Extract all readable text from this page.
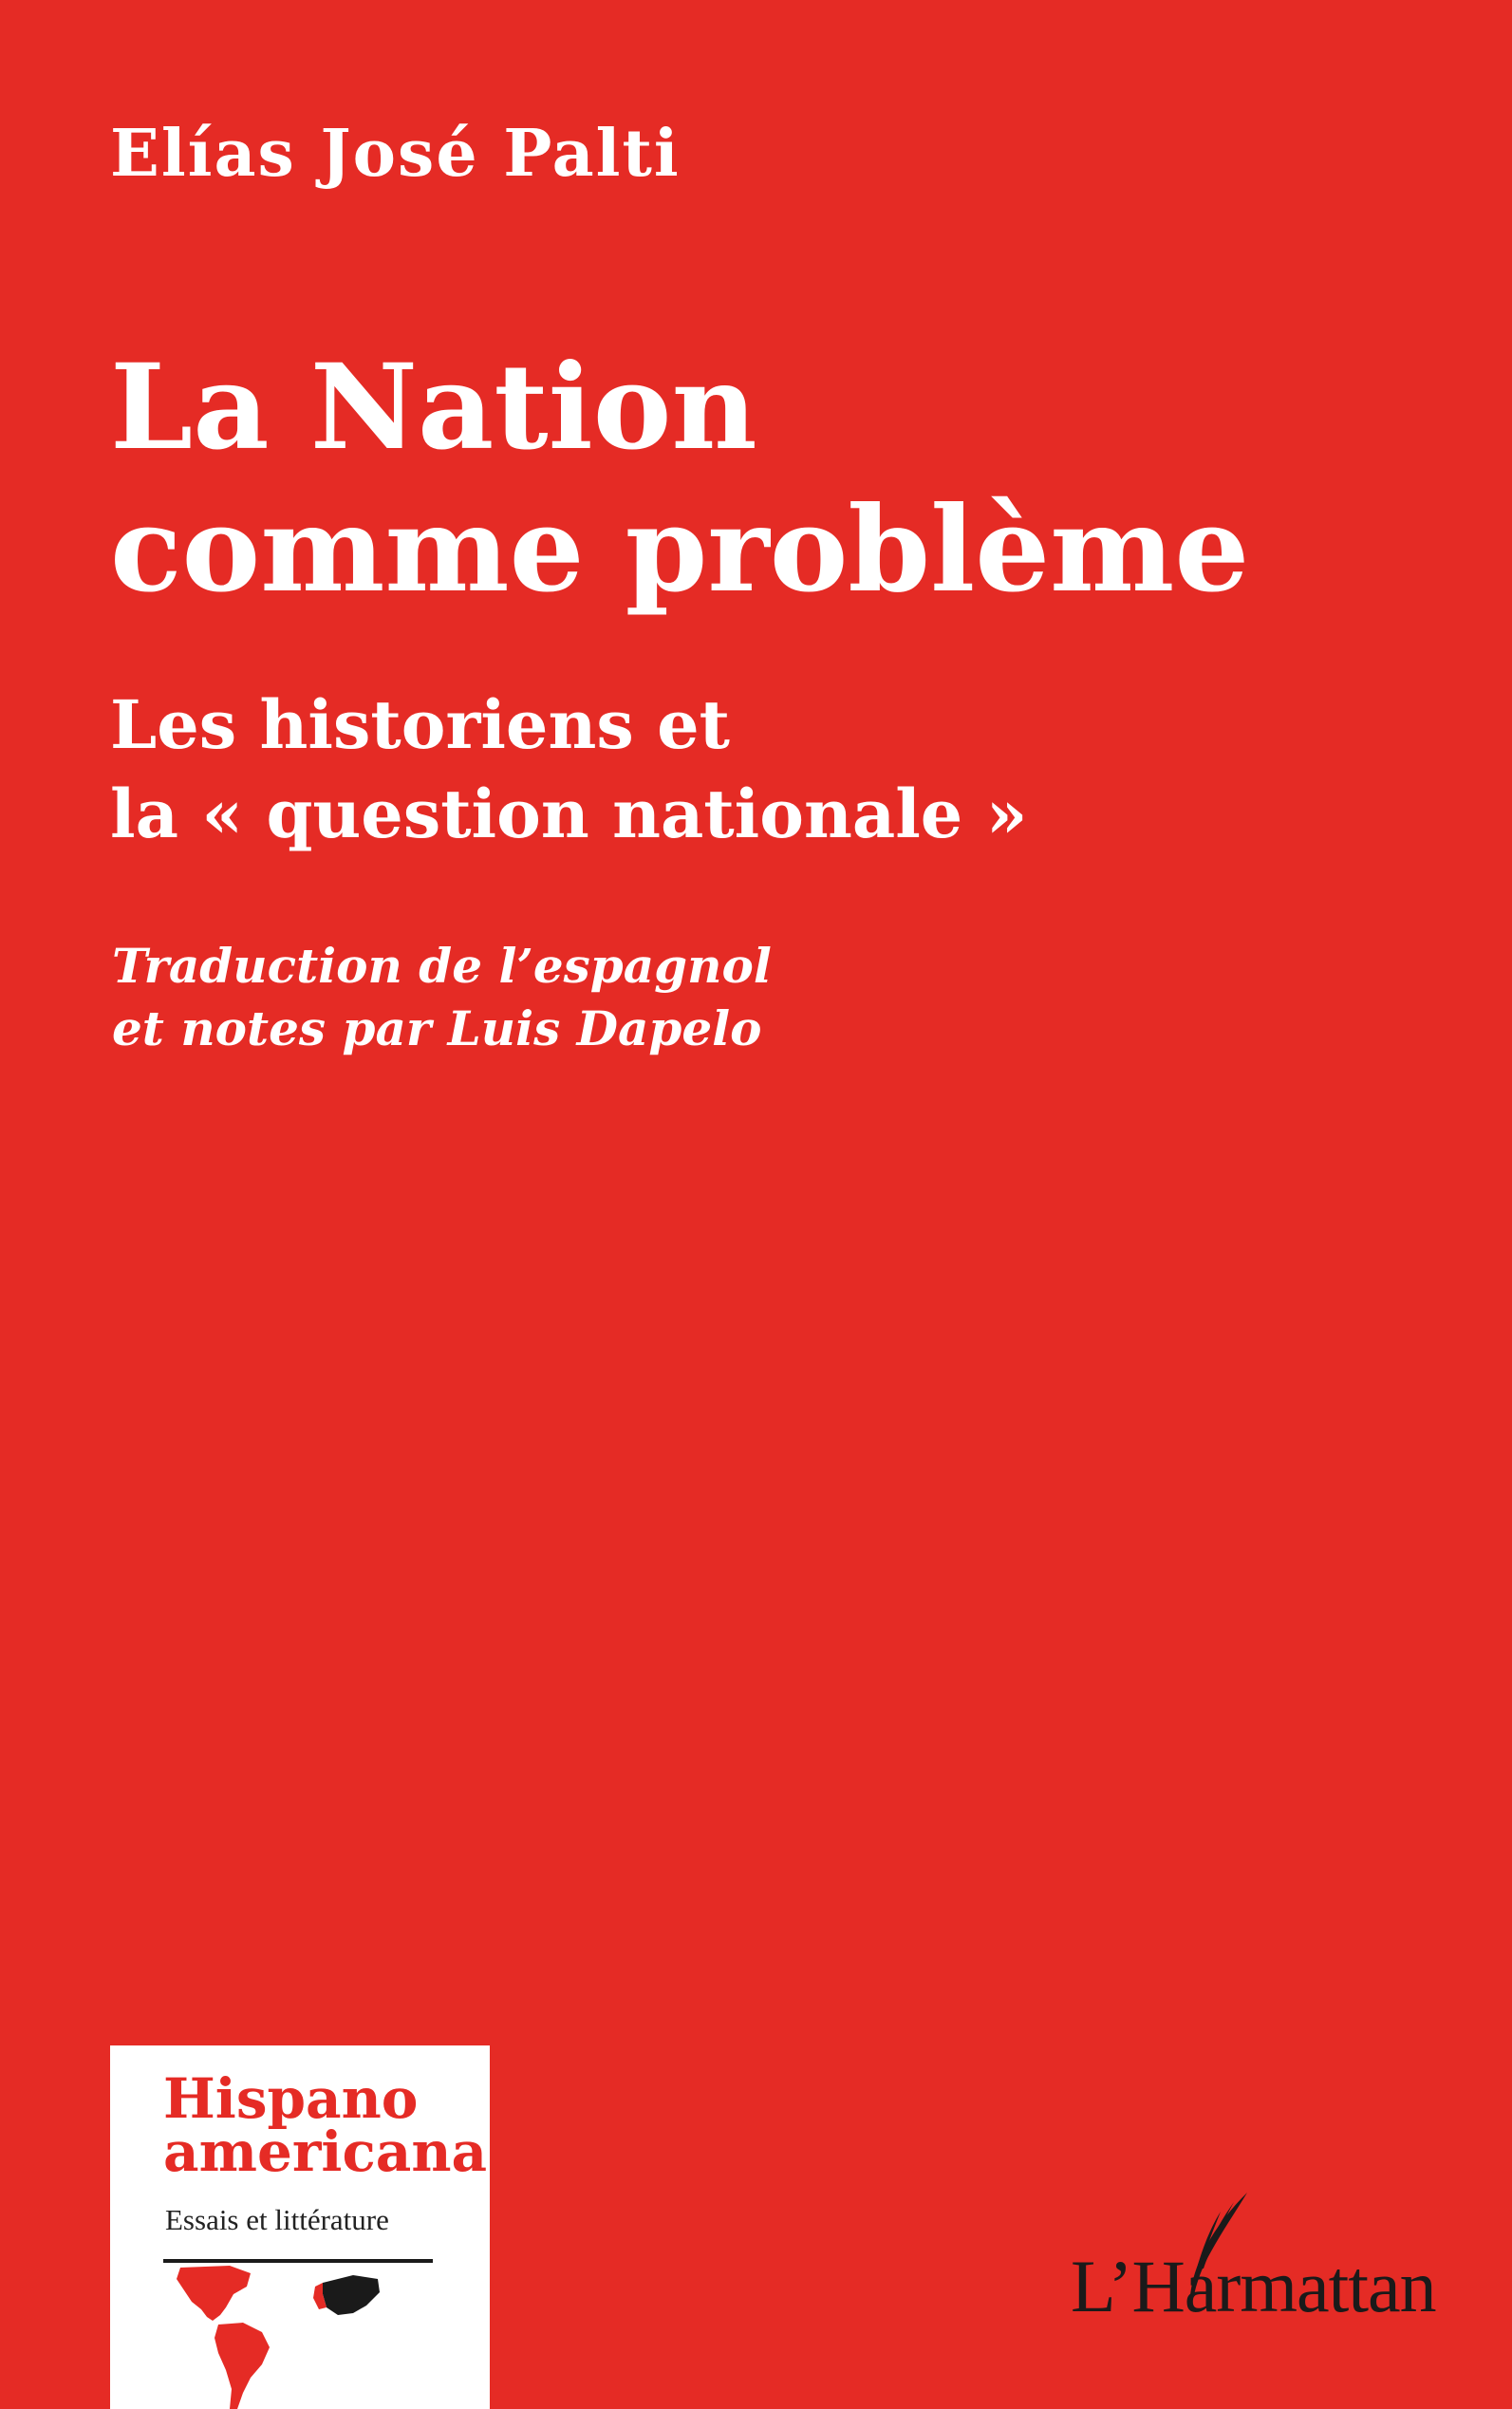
Elías José Palti
La Nation
comme problème
Les historiens et
la « question nationale »
Traduction de l’espagnol
et notes par Luis Dapelo
Hispano
americana
Essais et littérature
L’Harmattan
